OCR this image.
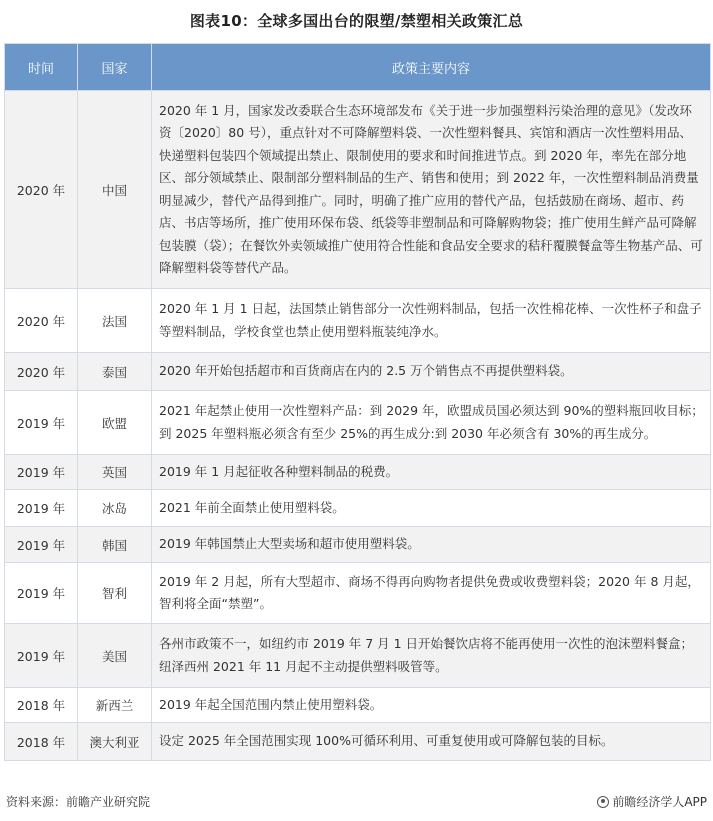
图表10：全球多国出台的限塑/禁塑相关政策汇总
时间	国家	政策主要内容
2020 年	中国	2020 年 1 月，国家发改委联合生态环境部发布《关于进一步加强塑料污染治理的意见》（发改环资〔2020〕80 号），重点针对不可降解塑料袋、一次性塑料餐具、宾馆和酒店一次性塑料用品、快递塑料包装四个领域提出禁止、限制使用的要求和时间推进节点。到 2020 年，率先在部分地区、部分领域禁止、限制部分塑料制品的生产、销售和使用；到 2022 年，一次性塑料制品消费量明显减少，替代产品得到推广。同时，明确了推广应用的替代产品，包括鼓励在商场、超市、药店、书店等场所，推广使用环保布袋、纸袋等非塑制品和可降解购物袋；推广使用生鲜产品可降解包装膜（袋）；在餐饮外卖领域推广使用符合性能和食品安全要求的秸秆覆膜餐盒等生物基产品、可降解塑料袋等替代产品。
2020 年	法国	2020 年 1 月 1 日起，法国禁止销售部分一次性朔料制品，包括一次性棉花棒、一次性杯子和盘子等塑料制品，学校食堂也禁止使用塑料瓶装纯净水。
2020 年	泰国	2020 年开始包括超市和百货商店在内的 2.5 万个销售点不再提供塑料袋。
2019 年	欧盟	2021 年起禁止使用一次性塑料产品：到 2029 年，欧盟成员国必须达到 90%的塑料瓶回收目标；到 2025 年塑料瓶必须含有至少 25%的再生成分:到 2030 年必须含有 30%的再生成分。
2019 年	英国	2019 年 1 月起征收各种塑料制品的税费。
2019 年	冰岛	2021 年前全面禁止使用塑料袋。
2019 年	韩国	2019 年韩国禁止大型卖场和超市使用塑料袋。
2019 年	智利	2019 年 2 月起，所有大型超市、商场不得再向购物者提供免费或收费塑料袋；2020 年 8 月起，智利将全面“禁塑”。
2019 年	美国	各州市政策不一，如纽约市 2019 年 7 月 1 日开始餐饮店将不能再使用一次性的泡沫塑料餐盒；纽泽西州 2021 年 11 月起不主动提供塑料吸管等。
2018 年	新西兰	2019 年起全国范围内禁止使用塑料袋。
2018 年	澳大利亚	设定 2025 年全国范围实现 100%可循环利用、可重复使用或可降解包装的目标。
资料来源：前瞻产业研究院	前瞻经济学人APP
